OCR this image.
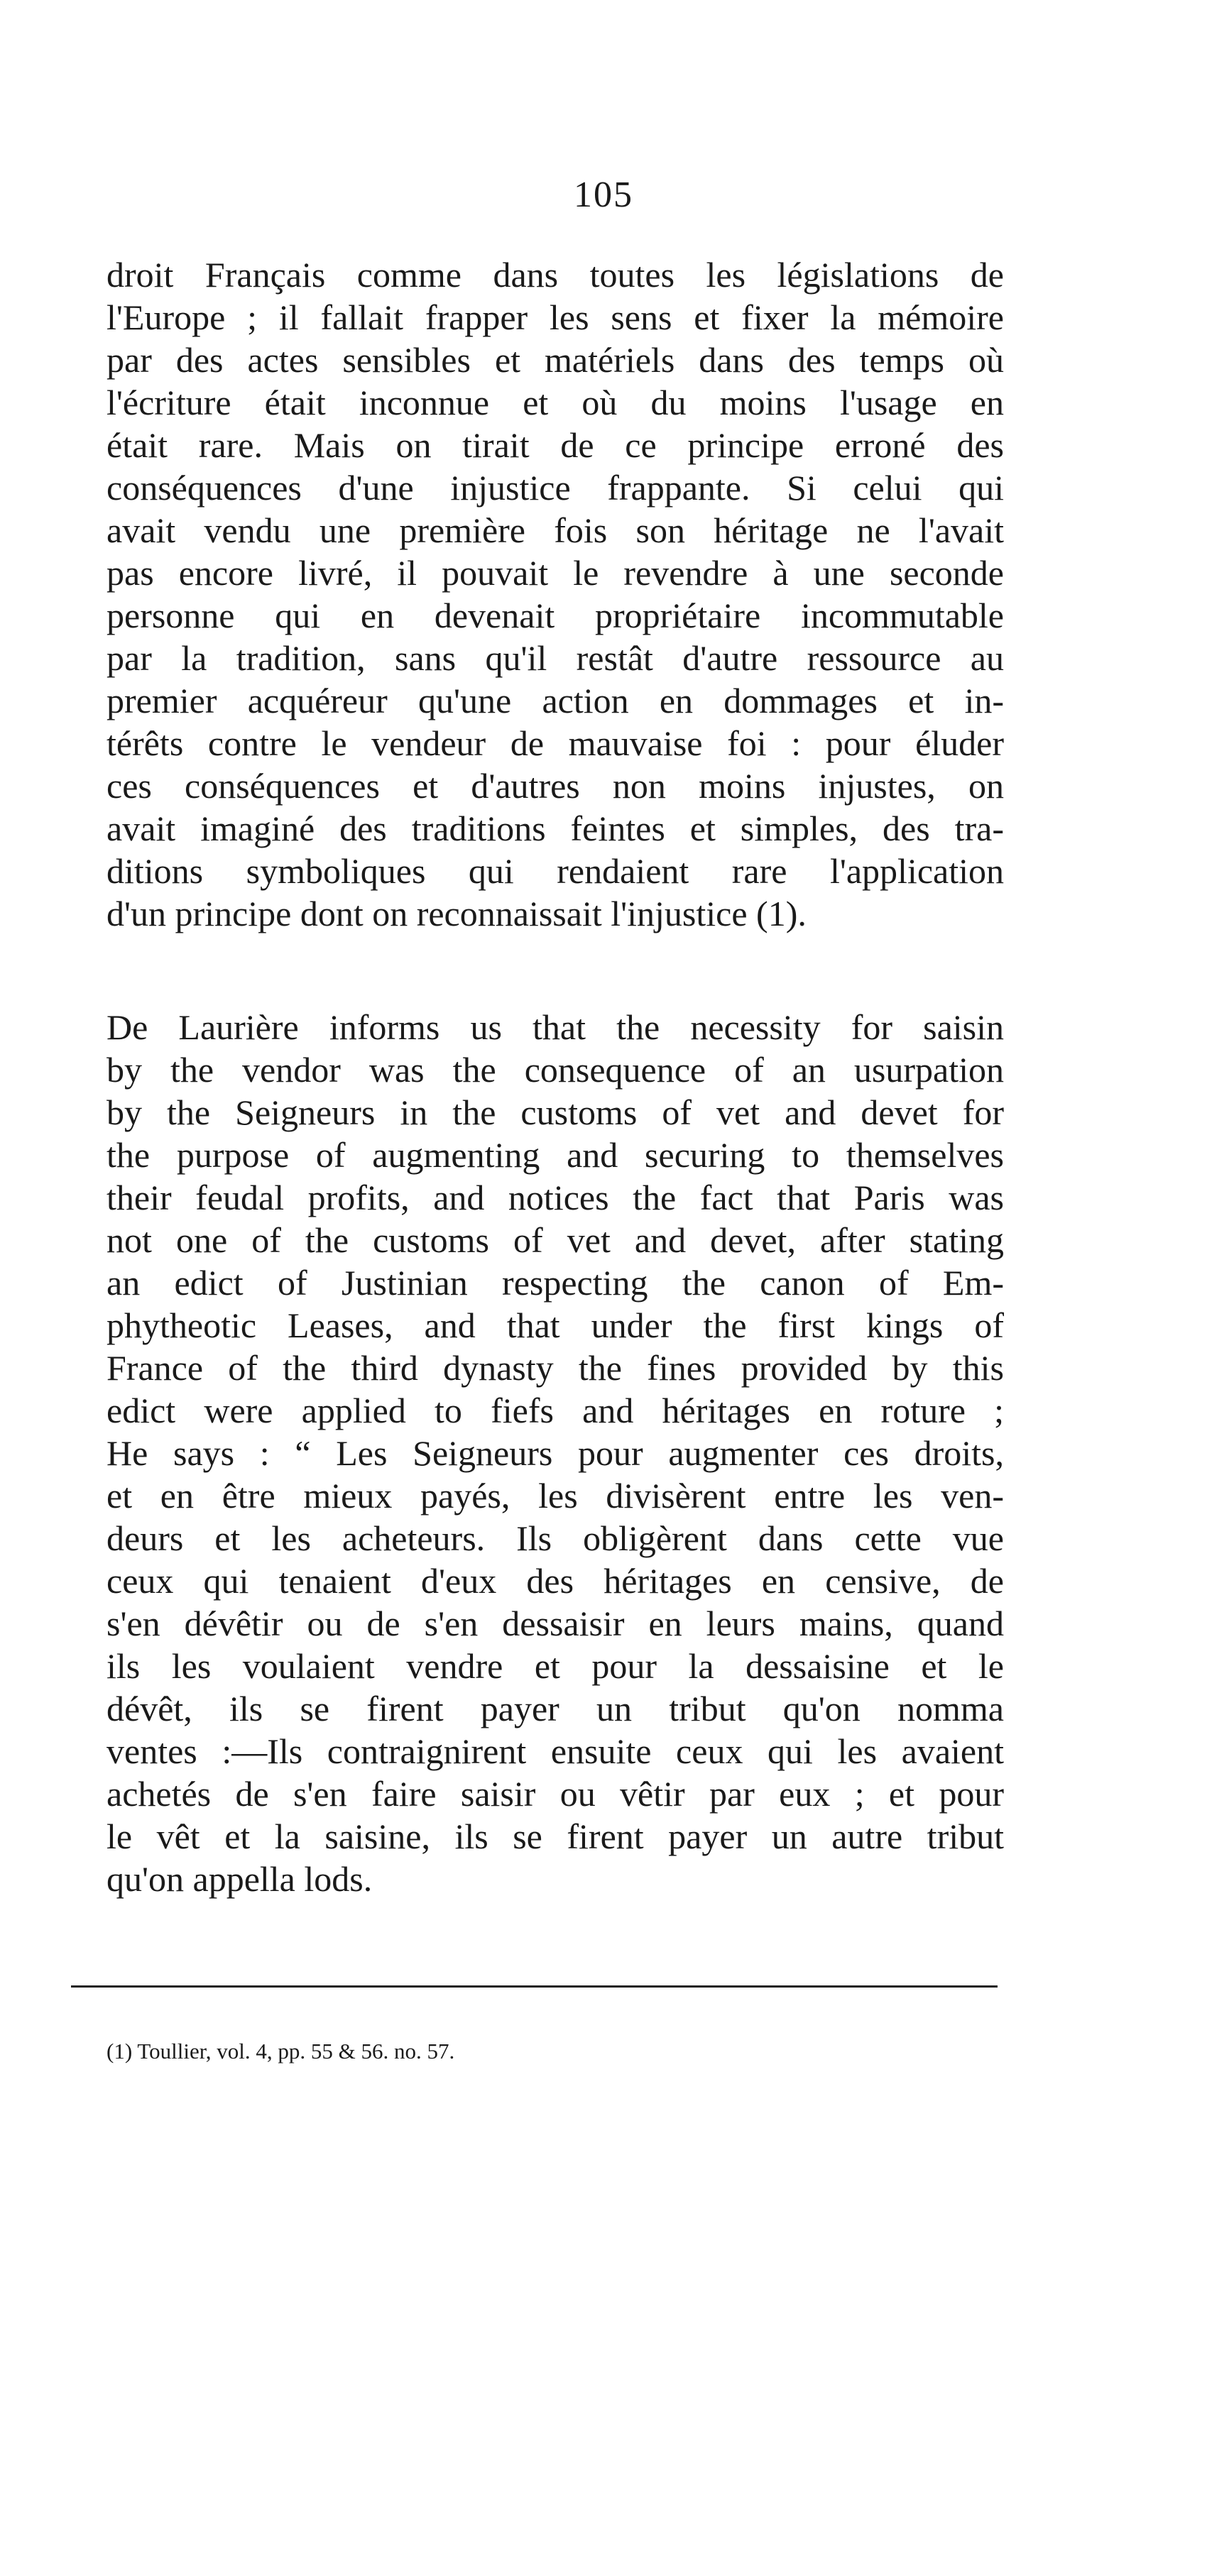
105
droit Français comme dans toutes les législations de
l'Europe ; il fallait frapper les sens et fixer la mémoire
par des actes sensibles et matériels dans des temps où
l'écriture était inconnue et où du moins l'usage en
était rare. Mais on tirait de ce principe erroné des
conséquences d'une injustice frappante. Si celui qui
avait vendu une première fois son héritage ne l'avait
pas encore livré, il pouvait le revendre à une seconde
personne qui en devenait propriétaire incommutable
par la tradition, sans qu'il restât d'autre ressource au
premier acquéreur qu'une action en dommages et in-
térêts contre le vendeur de mauvaise foi : pour éluder
ces conséquences et d'autres non moins injustes, on
avait imaginé des traditions feintes et simples, des tra-
ditions symboliques qui rendaient rare l'application
d'un principe dont on reconnaissait l'injustice (1).
De Laurière informs us that the necessity for saisin
by the vendor was the consequence of an usurpation
by the Seigneurs in the customs of vet and devet for
the purpose of augmenting and securing to themselves
their feudal profits, and notices the fact that Paris was
not one of the customs of vet and devet, after stating
an edict of Justinian respecting the canon of Em-
phytheotic Leases, and that under the first kings of
France of the third dynasty the fines provided by this
edict were applied to fiefs and héritages en roture ;
He says : “ Les Seigneurs pour augmenter ces droits,
et en être mieux payés, les divisèrent entre les ven-
deurs et les acheteurs. Ils obligèrent dans cette vue
ceux qui tenaient d'eux des héritages en censive, de
s'en dévêtir ou de s'en dessaisir en leurs mains, quand
ils les voulaient vendre et pour la dessaisine et le
dévêt, ils se firent payer un tribut qu'on nomma
ventes :—Ils contraignirent ensuite ceux qui les avaient
achetés de s'en faire saisir ou vêtir par eux ; et pour
le vêt et la saisine, ils se firent payer un autre tribut
qu'on appella lods.
(1) Toullier, vol. 4, pp. 55 & 56. no. 57.
